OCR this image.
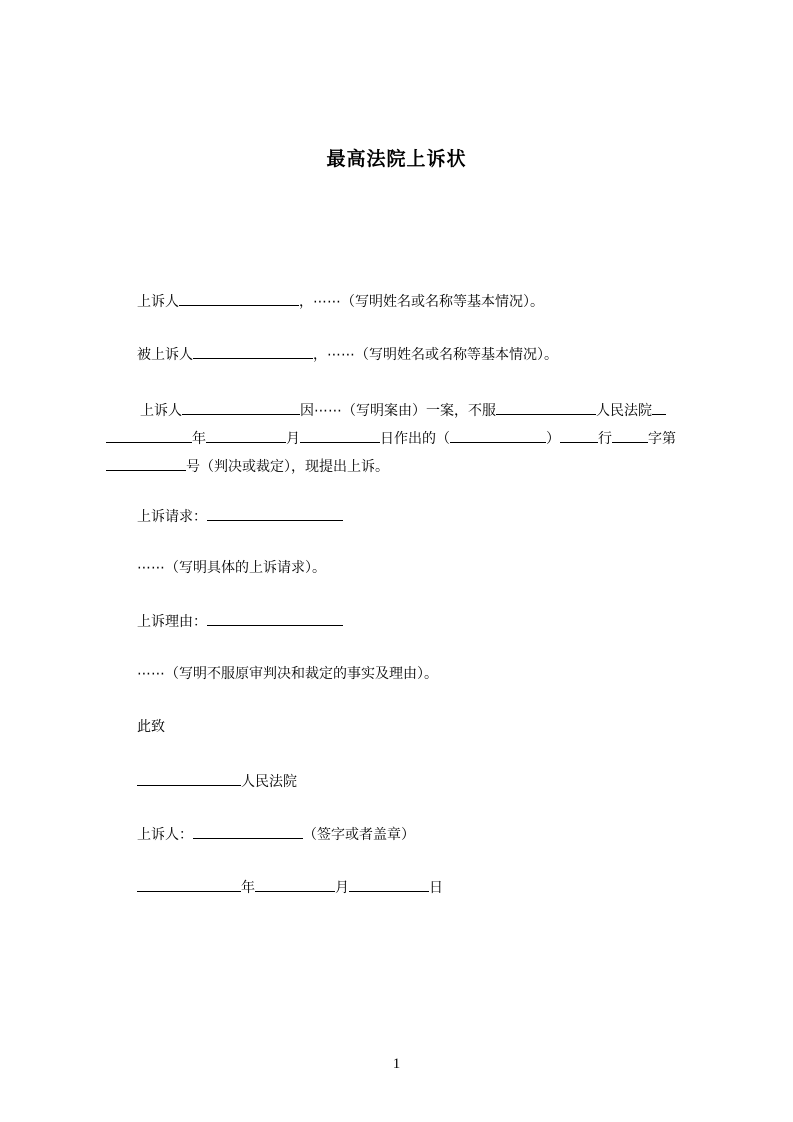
最高法院上诉状
上诉人	，⋯⋯（写明姓名或名称等基本情况）。
被上诉人	，⋯⋯（写明姓名或名称等基本情况）。
上诉人	因⋯⋯（写明案由）一案，不服	人民法院
年	月	日作出的（	）	行	字第
号（判决或裁定），现提出上诉。
上诉请求：
⋯⋯（写明具体的上诉请求）。
上诉理由：
⋯⋯（写明不服原审判决和裁定的事实及理由）。
此致
人民法院
上诉人：	（签字或者盖章）
年	月	日
1
